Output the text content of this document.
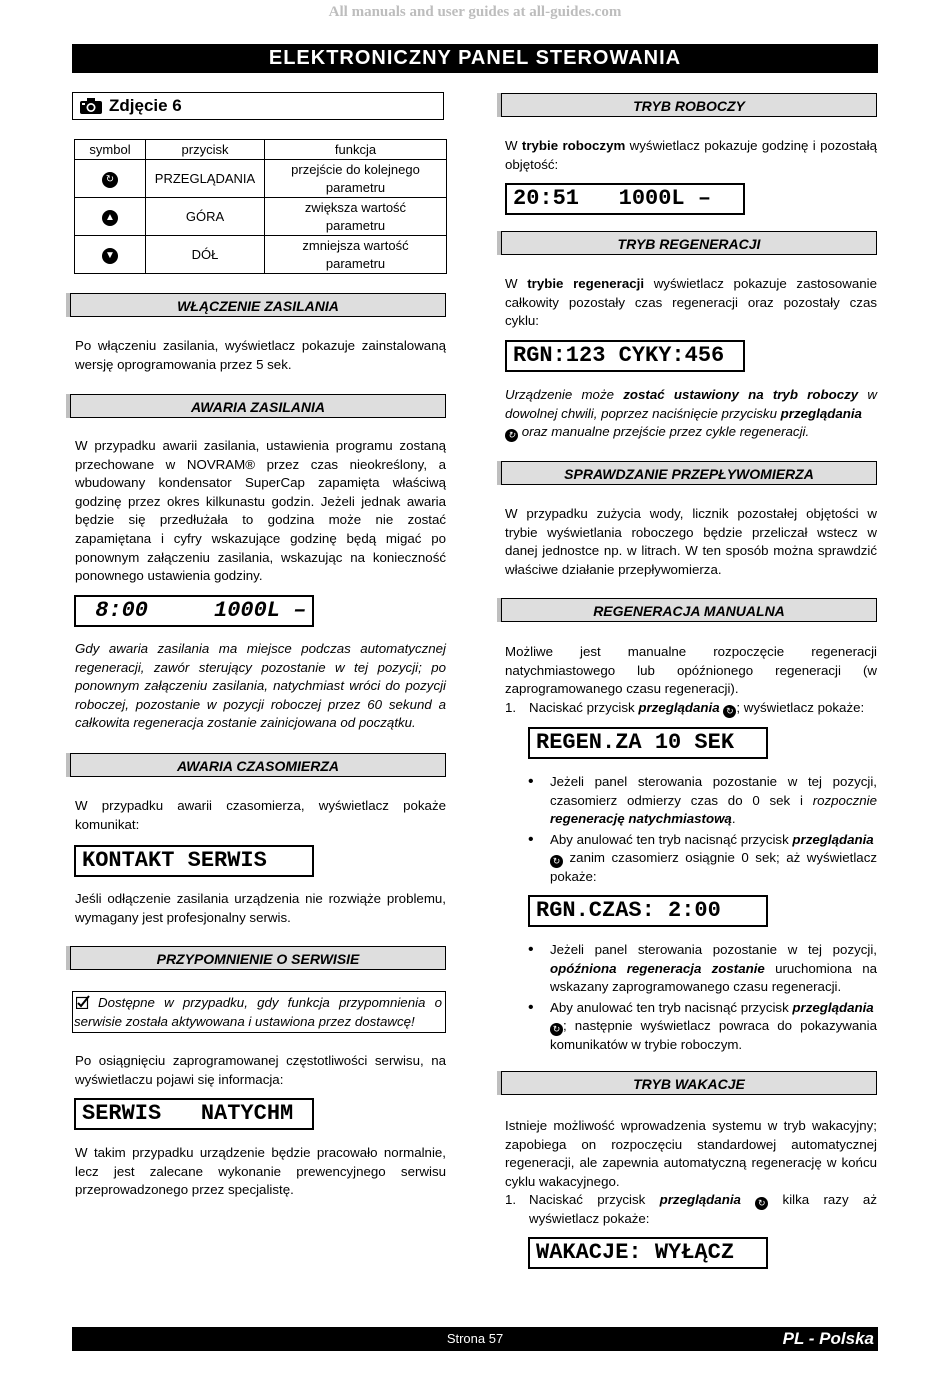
All manuals and user guides at all-guides.com
ELEKTRONICZNY PANEL STEROWANIA
Zdjęcie 6
symbol	przycisk	funkcja
↻	PRZEGLĄDANIA	przejście do kolejnego
parametru

▲	GÓRA	zwiększa wartość
parametru

▼	DÓŁ	zmniejsza wartość
parametru
WŁĄCZENIE ZASILANIA
Po włączeniu zasilania, wyświetlacz pokazuje zainstalowaną wersję oprogramowania przez 5 sek.
AWARIA ZASILANIA
W przypadku awarii zasilania, ustawienia programu zostaną przechowane w NOVRAM® przez czas nieokreślony, a wbudowany kondensator SuperCap zapamięta właściwą godzinę przez okres kilkunastu godzin. Jeżeli jednak awaria będzie się przedłużała to godzina może nie zostać zapamiętana i cyfry wskazujące godzinę będą migać po ponownym załączeniu zasilania, wskazując na konieczność ponownego ustawienia godziny.
8:00     1000L –
Gdy awaria zasilania ma miejsce podczas automatycznej regeneracji, zawór sterujący pozostanie w tej pozycji; po ponownym załączeniu zasilania, natychmiast wróci do pozycji roboczej, pozostanie w pozycji roboczej przez 60 sekund a całkowita regeneracja zostanie zainicjowana od początku.
AWARIA CZASOMIERZA
W przypadku awarii czasomierza, wyświetlacz pokaże komunikat:
KONTAKT SERWIS
Jeśli odłączenie zasilania urządzenia nie rozwiąże problemu, wymagany jest profesjonalny serwis.
PRZYPOMNIENIE O SERWISIE
Dostępne w przypadku, gdy funkcja przypomnienia o serwisie została aktywowana i ustawiona przez dostawcę!
Po osiągnięciu zaprogramowanej częstotliwości serwisu, na wyświetlaczu pojawi się informacja:
SERWIS   NATYCHM
W takim przypadku urządzenie będzie pracowało normalnie, lecz jest zalecane wykonanie prewencyjnego serwisu przeprowadzonego przez specjalistę.
TRYB ROBOCZY
W trybie roboczym wyświetlacz pokazuje godzinę i pozostałą objętość:
20:51   1000L –
TRYB REGENERACJI
W trybie regeneracji wyświetlacz pokazuje zastosowanie całkowity pozostały czas regeneracji oraz pozostały czas cyklu:
RGN:123 CYKY:456
Urządzenie może zostać ustawiony na tryb roboczy w dowolnej chwili, poprzez naciśnięcie przycisku przeglądania
↻ oraz manualne przejście przez cykle regeneracji.
SPRAWDZANIE PRZEPŁYWOMIERZA
W przypadku zużycia wody, licznik pozostałej objętości w trybie wyświetlania roboczego będzie przeliczał wstecz w danej jednostce np. w litrach. W ten sposób można sprawdzić właściwe działanie przepływomierza.
REGENERACJA MANUALNA
Możliwe jest manualne rozpoczęcie regeneracji natychmiastowego lub opóźnionego regeneracji (w zaprogramowanego czasu regeneracji).
1. Naciskać przycisk przeglądania ↻ ; wyświetlacz pokaże:
REGEN.ZA 10 SEK
• Jeżeli panel sterowania pozostanie w tej pozycji, czasomierz odmierzy czas do 0 sek i rozpocznie regenerację natychmiastową.
• Aby anulować ten tryb nacisnąć przycisk przeglądania
↻ zanim czasomierz osiągnie 0 sek; aż wyświetlacz pokaże:
RGN.CZAS: 2:00
• Jeżeli panel sterowania pozostanie w tej pozycji, opóźniona regeneracja zostanie uruchomiona na wskazany zaprogramowanego czasu regeneracji.
• Aby anulować ten tryb nacisnąć przycisk przeglądania
↻ ; następnie wyświetlacz powraca do pokazywania komunikatów w trybie roboczym.
TRYB WAKACJE
Istnieje możliwość wprowadzenia systemu w tryb wakacyjny; zapobiega on rozpoczęciu standardowej automatycznej regeneracji, ale zapewnia automatyczną regenerację w końcu cyklu wakacyjnego.
1. Naciskać przycisk przeglądania ↻ kilka razy aż wyświetlacz pokaże:
WAKACJE: WYŁĄCZ
Strona 57	PL - Polska
